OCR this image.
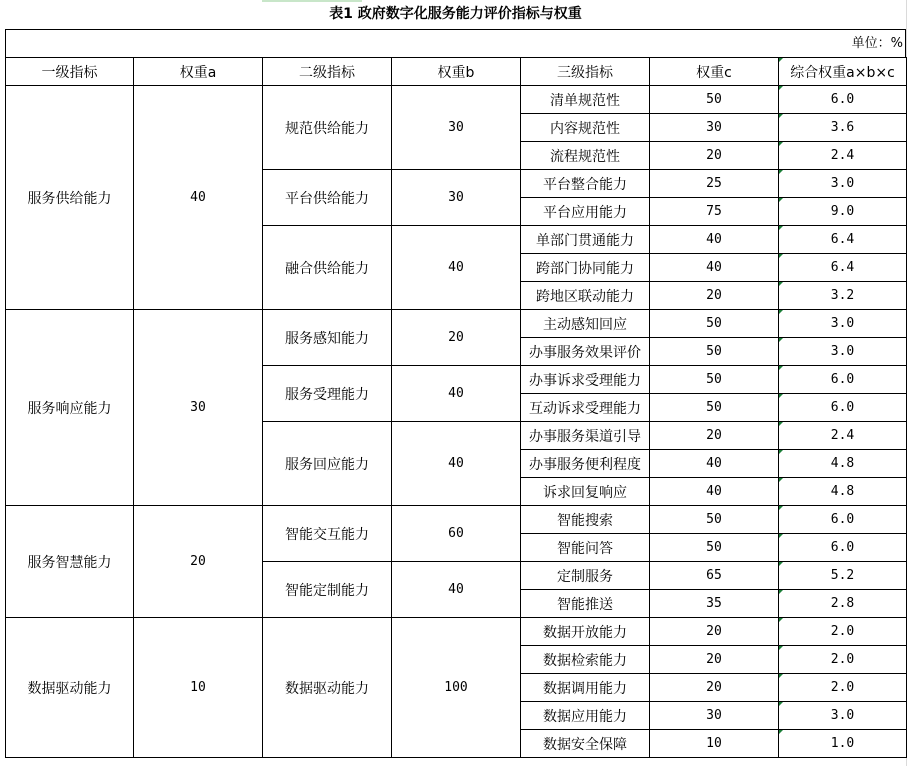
表1 政府数字化服务能力评价指标与权重
单位：%
一级指标	权重a	二级指标	权重b	三级指标	权重c	综合权重a×b×c
服务供给能力	40	规范供给能力	30	清单规范性	50	6.0
				内容规范性	30	3.6
				流程规范性	20	2.4
		平台供给能力	30	平台整合能力	25	3.0
				平台应用能力	75	9.0
		融合供给能力	40	单部门贯通能力	40	6.4
				跨部门协同能力	40	6.4
				跨地区联动能力	20	3.2
服务响应能力	30	服务感知能力	20	主动感知回应	50	3.0
				办事服务效果评价	50	3.0
		服务受理能力	40	办事诉求受理能力	50	6.0
				互动诉求受理能力	50	6.0
		服务回应能力	40	办事服务渠道引导	20	2.4
				办事服务便利程度	40	4.8
				诉求回复响应	40	4.8
服务智慧能力	20	智能交互能力	60	智能搜索	50	6.0
				智能问答	50	6.0
		智能定制能力	40	定制服务	65	5.2
				智能推送	35	2.8
数据驱动能力	10	数据驱动能力	100	数据开放能力	20	2.0
				数据检索能力	20	2.0
				数据调用能力	20	2.0
				数据应用能力	30	3.0
				数据安全保障	10	1.0
